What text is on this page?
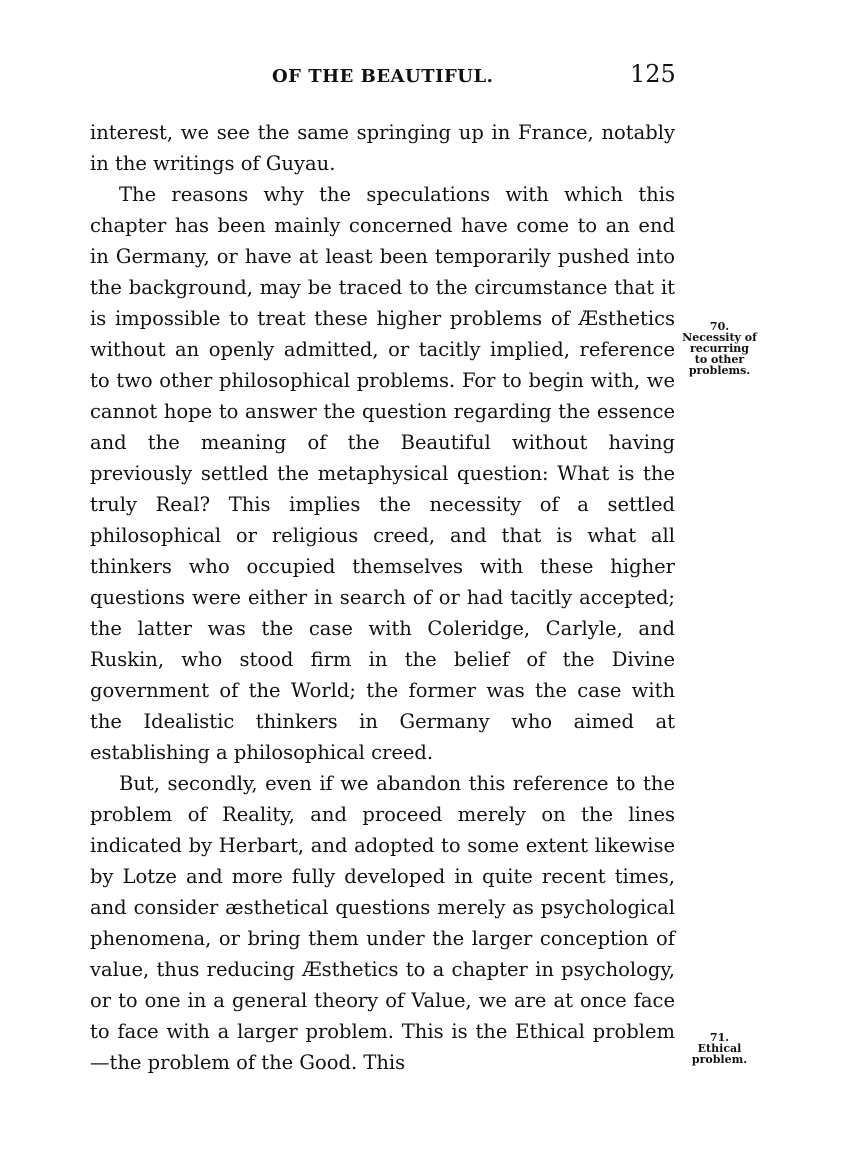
OF THE BEAUTIFUL.	125

interest, we see the same springing up in France, notably in the writings of Guyau.

The reasons why the speculations with which this chapter has been mainly concerned have come to an end in Germany, or have at least been temporarily pushed into the background, may be traced to the circumstance that it is impossible to treat these higher problems of Æsthetics without an openly admitted, or tacitly implied, reference to two other philosophical problems. For to begin with, we cannot hope to answer the question regarding the essence and the meaning of the Beautiful without having previously settled the metaphysical question: What is the truly Real? This implies the necessity of a settled philosophical or religious creed, and that is what all thinkers who occupied themselves with these higher questions were either in search of or had tacitly accepted; the latter was the case with Coleridge, Carlyle, and Ruskin, who stood firm in the belief of the Divine government of the World; the former was the case with the Idealistic thinkers in Germany who aimed at establishing a philosophical creed.

But, secondly, even if we abandon this reference to the problem of Reality, and proceed merely on the lines indicated by Herbart, and adopted to some extent likewise by Lotze and more fully developed in quite recent times, and consider æsthetical questions merely as psychological phenomena, or bring them under the larger conception of value, thus reducing Æsthetics to a chapter in psychology, or to one in a general theory of Value, we are at once face to face with a larger problem. This is the Ethical problem—the problem of the Good. This

70.
Necessity of recurring to other problems.
71.
Ethical problem.
